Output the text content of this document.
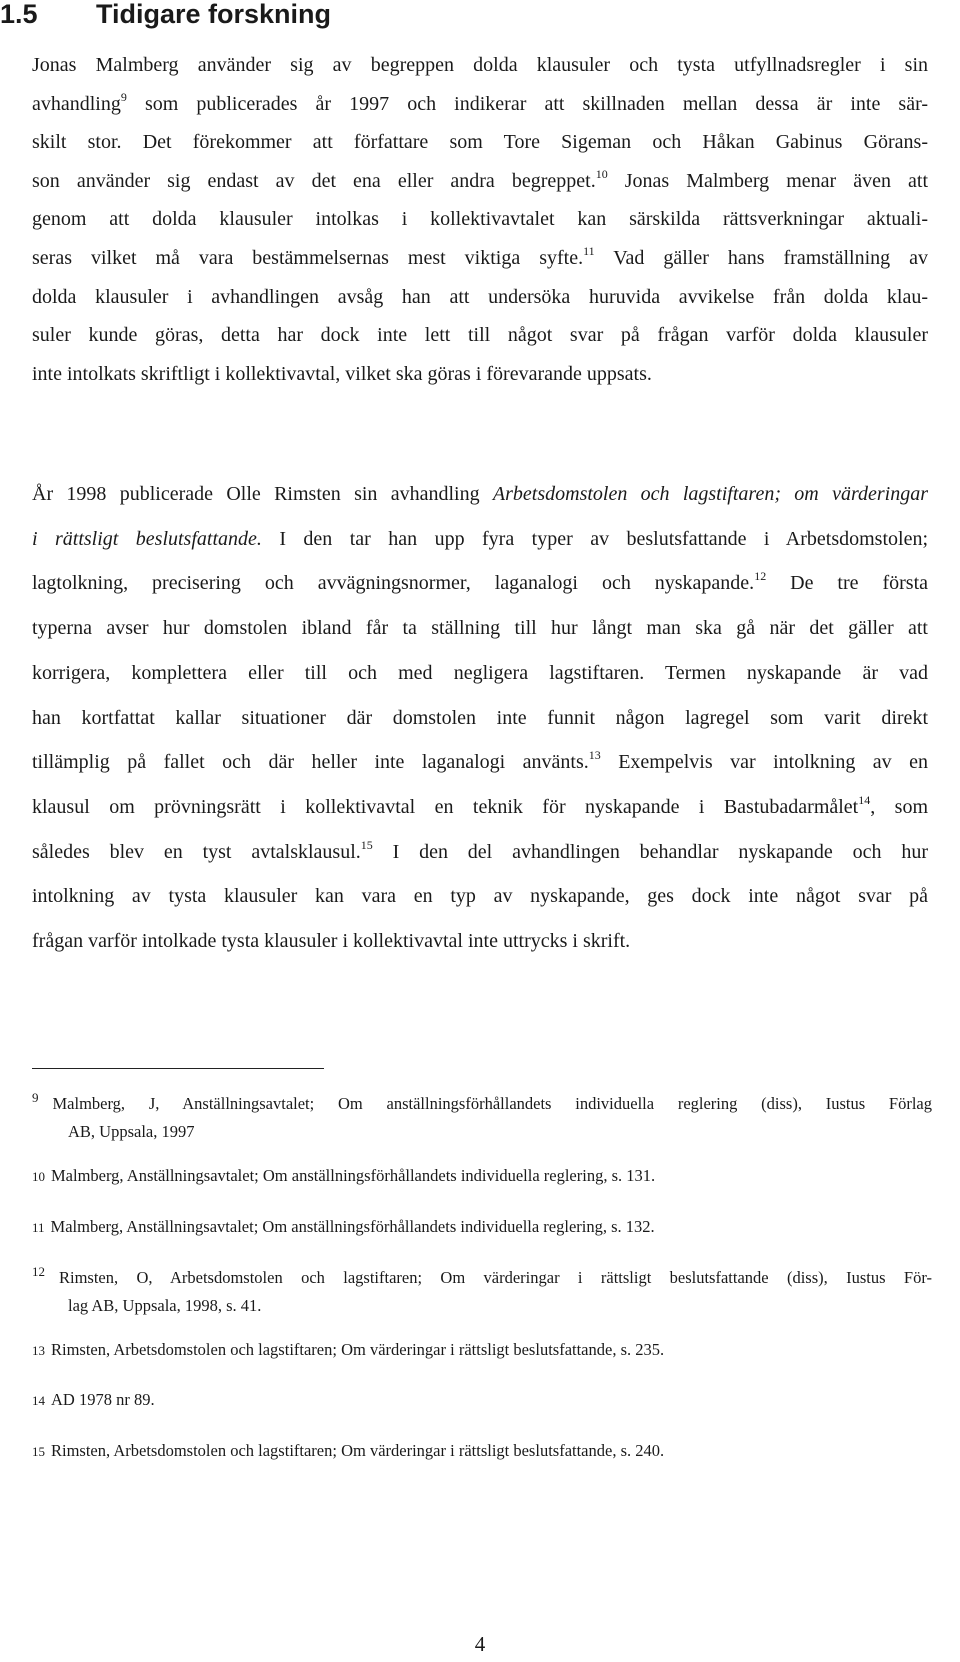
1.5 Tidigare forskning
Jonas Malmberg använder sig av begreppen dolda klausuler och tysta utfyllnadsregler i sin
avhandling$^9$ som publicerades år 1997 och indikerar att skillnaden mellan dessa är inte sär-
skilt stor. Det förekommer att författare som Tore Sigeman och Håkan Gabinus Görans-
son använder sig endast av det ena eller andra begreppet.$^{10}$ Jonas Malmberg menar även att
genom att dolda klausuler intolkas i kollektivavtalet kan särskilda rättsverkningar aktuali-
seras vilket må vara bestämmelsernas mest viktiga syfte.$^{11}$ Vad gäller hans framställning av
dolda klausuler i avhandlingen avsåg han att undersöka huruvida avvikelse från dolda klau-
suler kunde göras, detta har dock inte lett till något svar på frågan varför dolda klausuler
inte intolkats skriftligt i kollektivavtal, vilket ska göras i förevarande uppsats.
År 1998 publicerade Olle Rimsten sin avhandling Arbetsdomstolen och lagstiftaren; om värderingar
i rättsligt beslutsfattande. I den tar han upp fyra typer av beslutsfattande i Arbetsdomstolen;
lagtolkning, precisering och avvägningsnormer, laganalogi och nyskapande.$^{12}$ De tre första
typerna avser hur domstolen ibland får ta ställning till hur långt man ska gå när det gäller att
korrigera, komplettera eller till och med negligera lagstiftaren. Termen nyskapande är vad
han kortfattat kallar situationer där domstolen inte funnit någon lagregel som varit direkt
tillämplig på fallet och där heller inte laganalogi använts.$^{13}$ Exempelvis var intolkning av en
klausul om prövningsrätt i kollektivavtal en teknik för nyskapande i Bastubadarmålet$^{14}$, som
således blev en tyst avtalsklausul.$^{15}$ I den del avhandlingen behandlar nyskapande och hur
intolkning av tysta klausuler kan vara en typ av nyskapande, ges dock inte något svar på
frågan varför intolkade tysta klausuler i kollektivavtal inte uttrycks i skrift.
9 Malmberg, J, Anställningsavtalet; Om anställningsförhållandets individuella reglering (diss), Iustus Förlag
AB, Uppsala, 1997
10 Malmberg, Anställningsavtalet; Om anställningsförhållandets individuella reglering, s. 131.
11 Malmberg, Anställningsavtalet; Om anställningsförhållandets individuella reglering, s. 132.
12 Rimsten, O, Arbetsdomstolen och lagstiftaren; Om värderingar i rättsligt beslutsfattande (diss), Iustus För-
lag AB, Uppsala, 1998, s. 41.
13 Rimsten, Arbetsdomstolen och lagstiftaren; Om värderingar i rättsligt beslutsfattande, s. 235.
14 AD 1978 nr 89.
15 Rimsten, Arbetsdomstolen och lagstiftaren; Om värderingar i rättsligt beslutsfattande, s. 240.

4
